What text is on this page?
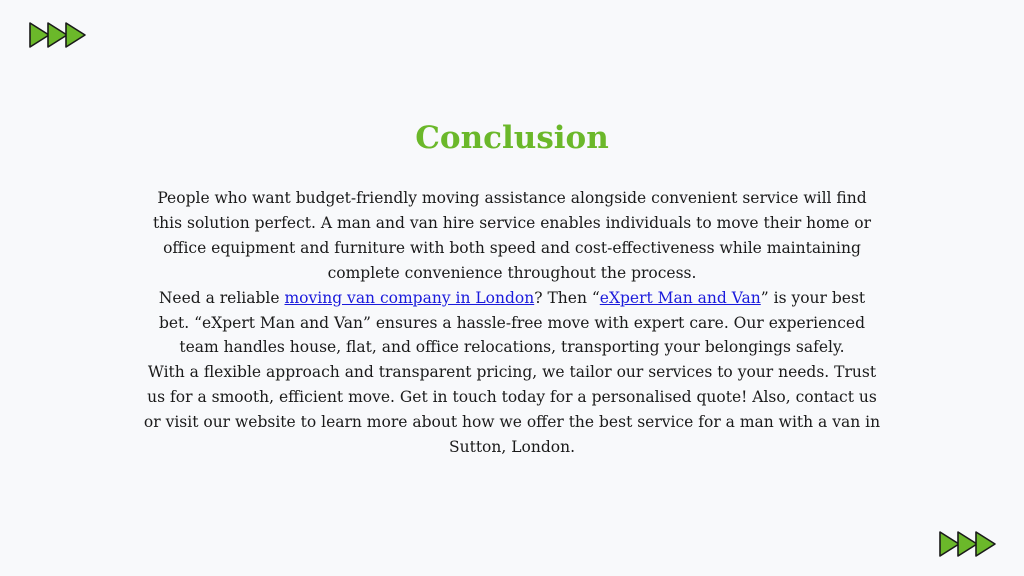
Conclusion

People who want budget-friendly moving assistance alongside convenient service will find this solution perfect. A man and van hire service enables individuals to move their home or office equipment and furniture with both speed and cost-effectiveness while maintaining complete convenience throughout the process.

Need a reliable moving van company in London? Then “eXpert Man and Van” is your best bet. “eXpert Man and Van” ensures a hassle-free move with expert care. Our experienced team handles house, flat, and office relocations, transporting your belongings safely.

With a flexible approach and transparent pricing, we tailor our services to your needs. Trust us for a smooth, efficient move. Get in touch today for a personalised quote! Also, contact us or visit our website to learn more about how we offer the best service for a man with a van in Sutton, London.
